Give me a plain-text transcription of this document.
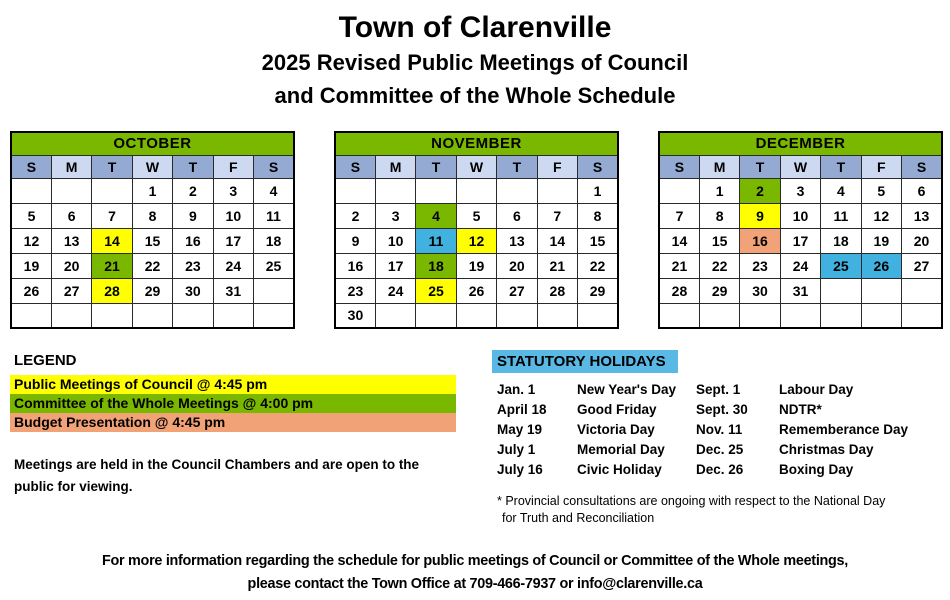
Town of Clarenville
2025 Revised Public Meetings of Council
and Committee of the Whole Schedule
OCTOBER						
S	M	T	W	T	F	S
			1	2	3	4
5	6	7	8	9	10	11
12	13	14	15	16	17	18
19	20	21	22	23	24	25
26	27	28	29	30	31	

NOVEMBER						
S	M	T	W	T	F	S
						1
2	3	4	5	6	7	8
9	10	11	12	13	14	15
16	17	18	19	20	21	22
23	24	25	26	27	28	29
30						
DECEMBER						
S	M	T	W	T	F	S
	1	2	3	4	5	6
7	8	9	10	11	12	13
14	15	16	17	18	19	20
21	22	23	24	25	26	27
28	29	30	31			

LEGEND
Public Meetings of Council @ 4:45 pm
Committee of the Whole Meetings @ 4:00 pm
Budget Presentation @ 4:45 pm
Meetings are held in the Council Chambers and are open to the public for viewing.
STATUTORY HOLIDAYS
Jan. 1	New Year's Day	Sept. 1	Labour Day
April 18	Good Friday	Sept. 30	NDTR*
May 19	Victoria Day	Nov. 11	Rememberance Day
July 1	Memorial Day	Dec. 25	Christmas Day
July 16	Civic Holiday	Dec. 26	Boxing Day
* Provincial consultations are ongoing with respect to the National Day
for Truth and Reconciliation
For more information regarding the schedule for public meetings of Council or Committee of the Whole meetings,
please contact the Town Office at 709-466-7937 or info@clarenville.ca
